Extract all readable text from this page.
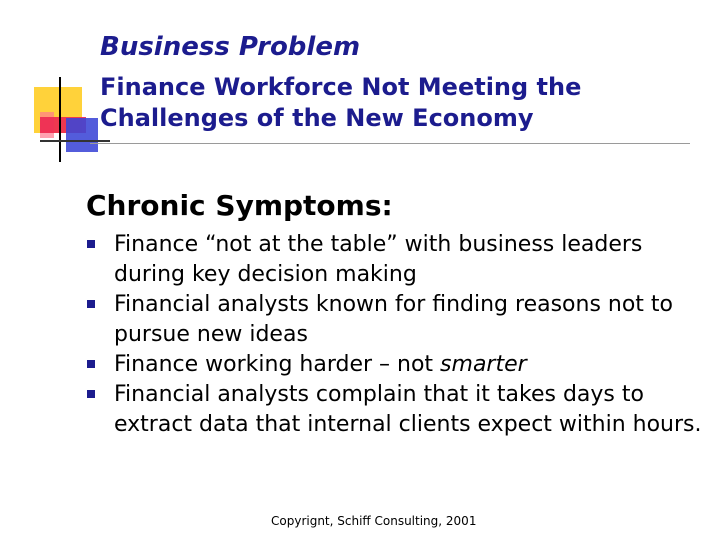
Business Problem
Finance Workforce Not Meeting the Challenges of the New Economy
Chronic Symptoms:
Finance “not at the table” with business leaders during key decision making
Financial analysts known for finding reasons not to pursue new ideas
Finance working harder – not smarter
Financial analysts complain that it takes days to extract data that internal clients expect within hours.
Copyrignt, Schiff Consulting, 2001
